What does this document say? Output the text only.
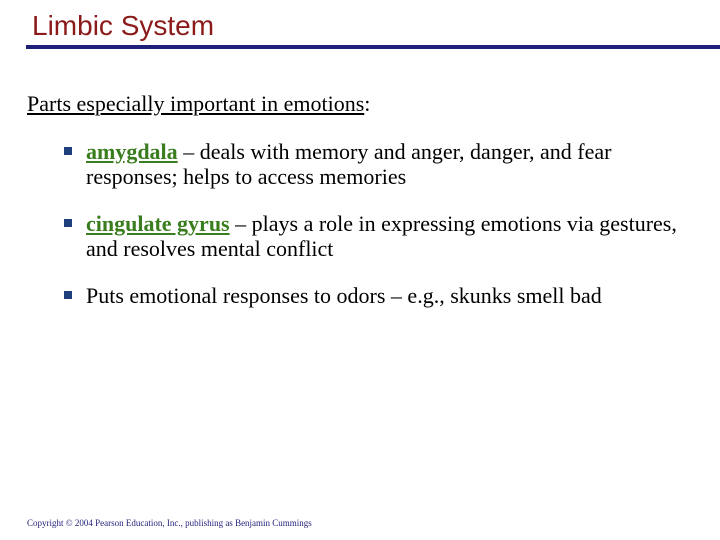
Limbic System
Parts especially important in emotions:
amygdala – deals with memory and anger, danger, and fear responses; helps to access memories
cingulate gyrus – plays a role in expressing emotions via gestures, and resolves mental conflict
Puts emotional responses to odors – e.g., skunks smell bad
Copyright © 2004 Pearson Education, Inc., publishing as Benjamin Cummings
